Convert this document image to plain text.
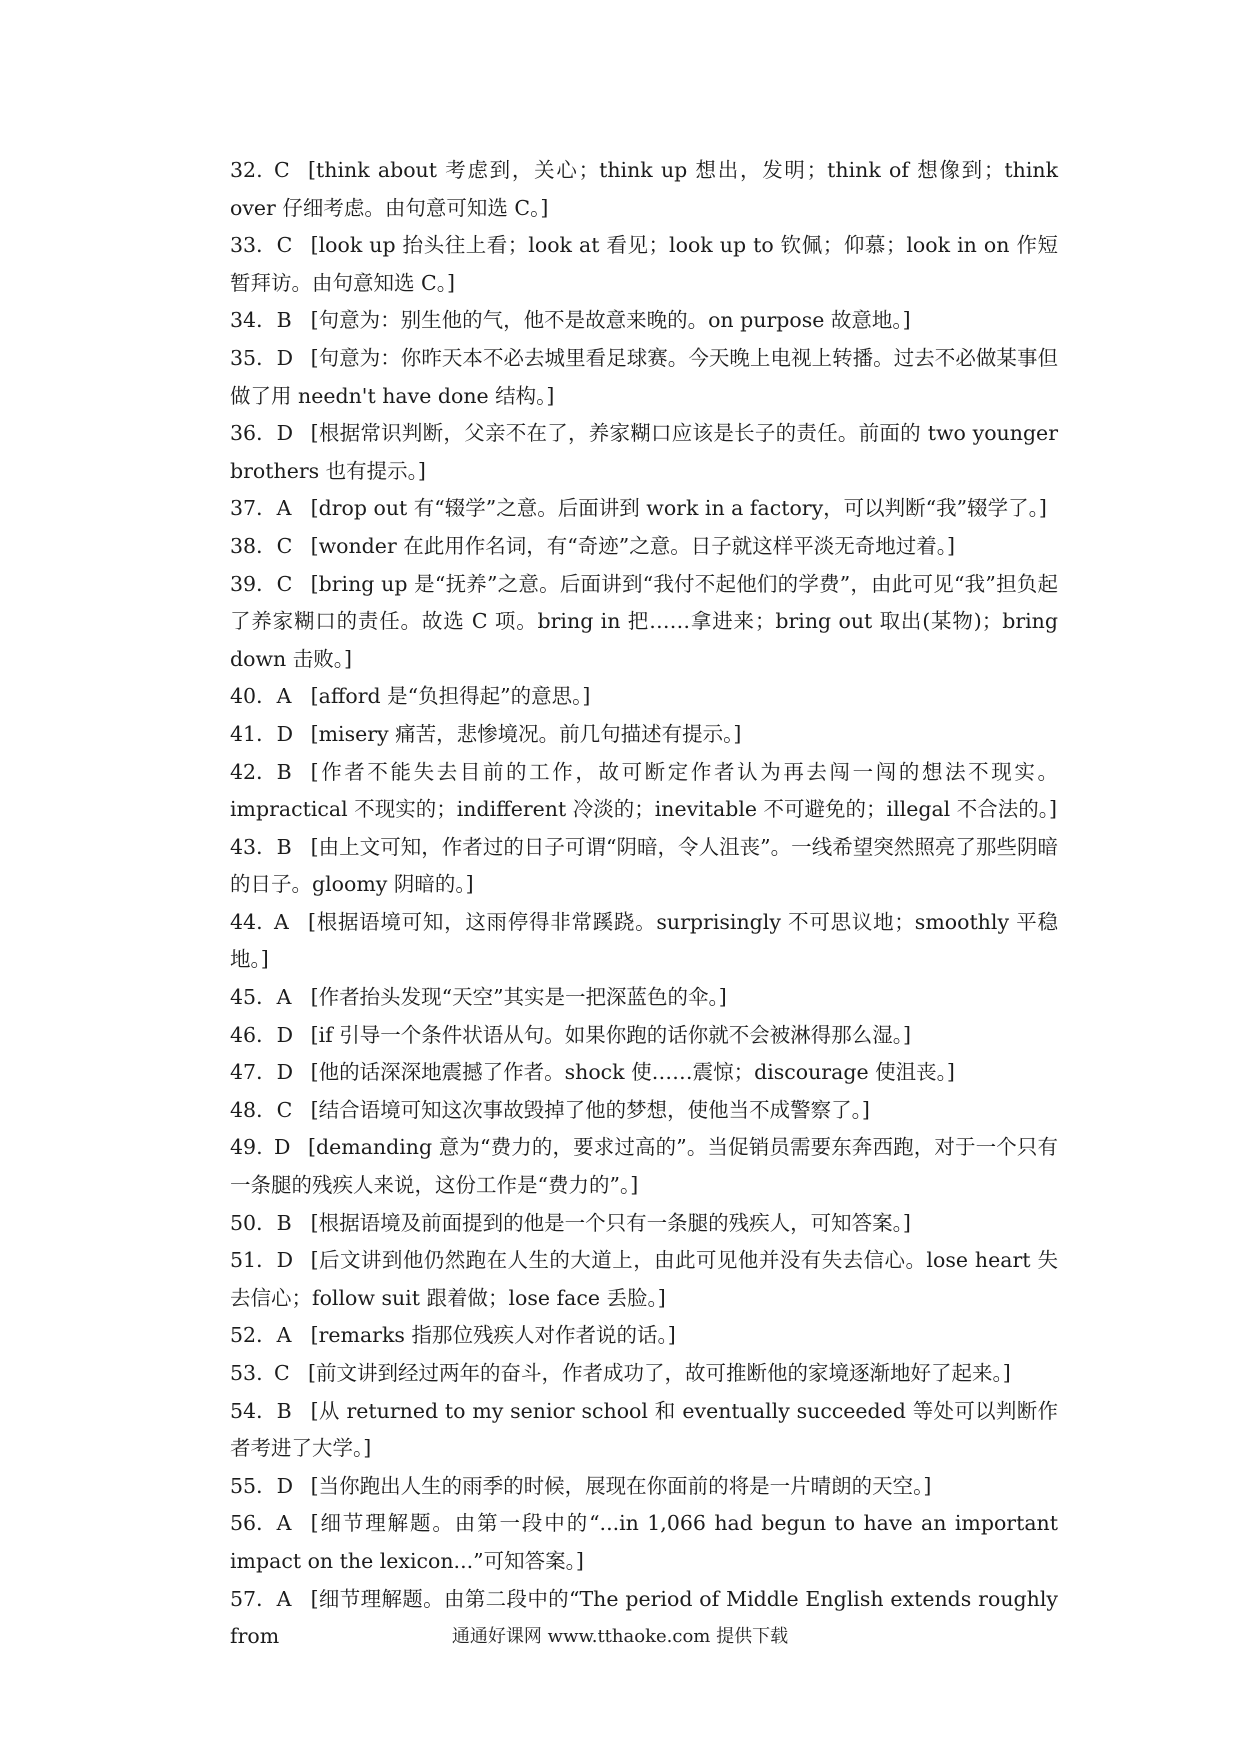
32.C [think about 考虑到，关心；think up 想出，发明；think of 想像到；think over 仔细考虑。由句意可知选 C。]

33．C [look up 抬头往上看；look at 看见；look up to 钦佩；仰慕；look in on 作短暂拜访。由句意知选 C。]

34．B [句意为：别生他的气，他不是故意来晚的。on purpose 故意地。]

35．D [句意为：你昨天本不必去城里看足球赛。今天晚上电视上转播。过去不必做某事但做了用 needn't have done 结构。]

36．D [根据常识判断，父亲不在了，养家糊口应该是长子的责任。前面的 two younger brothers 也有提示。]

37．A [drop out 有“辍学”之意。后面讲到 work in a factory，可以判断“我”辍学了。]

38．C [wonder 在此用作名词，有“奇迹”之意。日子就这样平淡无奇地过着。]

39．C [bring up 是“抚养”之意。后面讲到“我付不起他们的学费”，由此可见“我”担负起了养家糊口的责任。故选 C 项。bring in 把……拿进来；bring out 取出(某物)；bring down 击败。]

40．A [afford 是“负担得起”的意思。]

41．D [misery 痛苦，悲惨境况。前几句描述有提示。]

42．B [作者不能失去目前的工作，故可断定作者认为再去闯一闯的想法不现实。impractical 不现实的；indifferent 冷淡的；inevitable 不可避免的；illegal 不合法的。]

43．B [由上文可知，作者过的日子可谓“阴暗，令人沮丧”。一线希望突然照亮了那些阴暗的日子。gloomy 阴暗的。]

44.A [根据语境可知，这雨停得非常蹊跷。surprisingly 不可思议地；smoothly 平稳地。]

45．A [作者抬头发现“天空”其实是一把深蓝色的伞。]

46．D [if 引导一个条件状语从句。如果你跑的话你就不会被淋得那么湿。]

47．D [他的话深深地震撼了作者。shock 使……震惊；discourage 使沮丧。]

48．C [结合语境可知这次事故毁掉了他的梦想，使他当不成警察了。]

49.D [demanding 意为“费力的，要求过高的”。当促销员需要东奔西跑，对于一个只有一条腿的残疾人来说，这份工作是“费力的”。]

50．B [根据语境及前面提到的他是一个只有一条腿的残疾人，可知答案。]

51．D [后文讲到他仍然跑在人生的大道上，由此可见他并没有失去信心。lose heart 失去信心；follow suit 跟着做；lose face 丢脸。]

52．A [remarks 指那位残疾人对作者说的话。]

53.C [前文讲到经过两年的奋斗，作者成功了，故可推断他的家境逐渐地好了起来。]

54．B [从 returned to my senior school 和 eventually succeeded 等处可以判断作者考进了大学。]

55．D [当你跑出人生的雨季的时候，展现在你面前的将是一片晴朗的天空。]

56．A [细节理解题。由第一段中的“...in 1,066 had begun to have an important impact on the lexicon...”可知答案。]

57．A [细节理解题。由第二段中的“The period of Middle English extends roughly from	通通好课网 www.tthaoke.com 提供下载
